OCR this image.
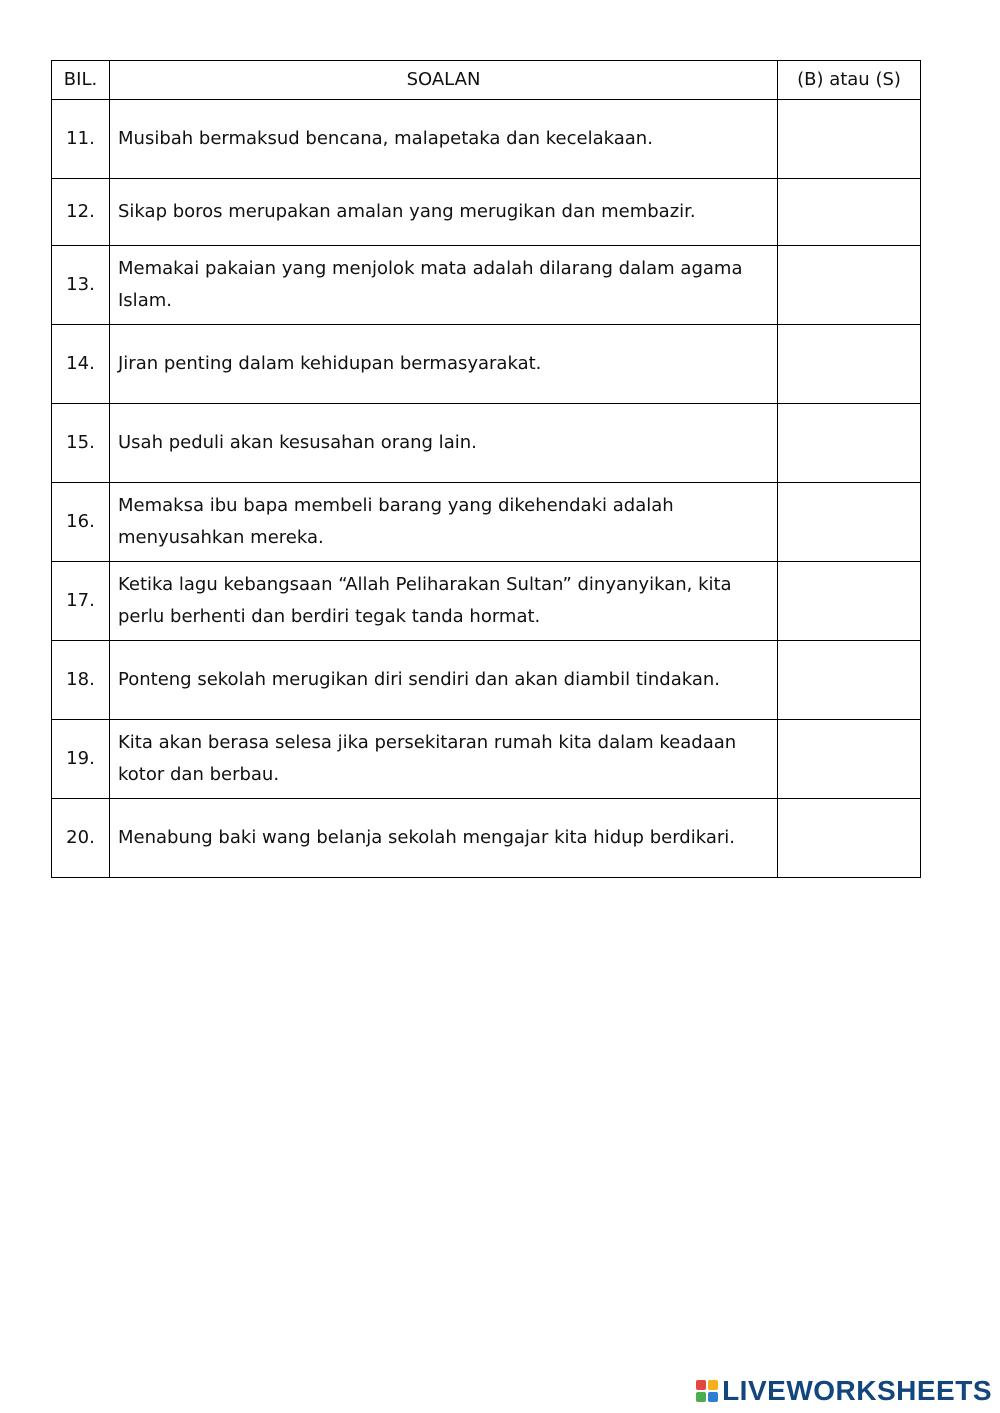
BIL.	SOALAN	(B) atau (S)
11.	Musibah bermaksud bencana, malapetaka dan kecelakaan.	
12.	Sikap boros merupakan amalan yang merugikan dan membazir.	
13.	Memakai pakaian yang menjolok mata adalah dilarang dalam agama Islam.	
14.	Jiran penting dalam kehidupan bermasyarakat.	
15.	Usah peduli akan kesusahan orang lain.	
16.	Memaksa ibu bapa membeli barang yang dikehendaki adalah menyusahkan mereka.	
17.	Ketika lagu kebangsaan “Allah Peliharakan Sultan” dinyanyikan, kita perlu berhenti dan berdiri tegak tanda hormat.	
18.	Ponteng sekolah merugikan diri sendiri dan akan diambil tindakan.	
19.	Kita akan berasa selesa jika persekitaran rumah kita dalam keadaan kotor dan berbau.	
20.	Menabung baki wang belanja sekolah mengajar kita hidup berdikari.	
LIVEWORKSHEETS
